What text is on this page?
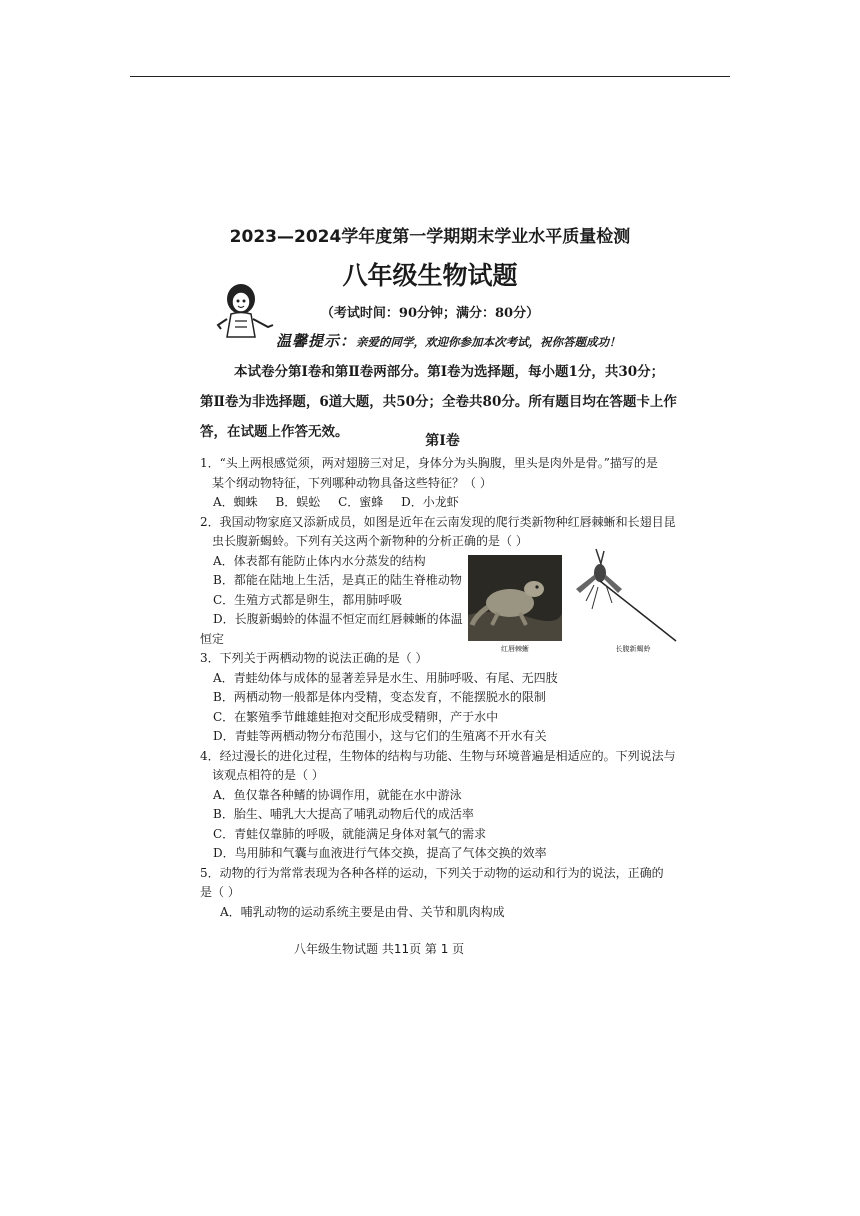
2023—2024学年度第一学期期末学业水平质量检测
八年级生物试题
（考试时间：90分钟；满分：80分）
温馨提示：亲爱的同学，欢迎你参加本次考试，祝你答题成功！
本试卷分第Ⅰ卷和第Ⅱ卷两部分。第Ⅰ卷为选择题，每小题1分，共30分；
第Ⅱ卷为非选择题，6道大题，共50分；全卷共80分。所有题目均在答题卡上作
答，在试题上作答无效。
第Ⅰ卷
1．“头上两根感觉须，两对翅膀三对足，身体分为头胸腹，里头是肉外是骨。”描写的是
某个纲动物特征，下列哪种动物具备这些特征？（ ）
A．蜘蛛 B．蜈蚣 C．蜜蜂 D．小龙虾
2．我国动物家庭又添新成员，如图是近年在云南发现的爬行类新物种红唇棘蜥和长翅目昆
虫长腹新蝎蛉。下列有关这两个新物种的分析正确的是（ ）
A．体表都有能防止体内水分蒸发的结构
B．都能在陆地上生活，是真正的陆生脊椎动物
C．生殖方式都是卵生，都用肺呼吸
D．长腹新蝎蛉的体温不恒定而红唇棘蜥的体温
恒定
3．下列关于两栖动物的说法正确的是（ ）
A．青蛙幼体与成体的显著差异是水生、用肺呼吸、有尾、无四肢
B．两栖动物一般都是体内受精，变态发育，不能摆脱水的限制
C．在繁殖季节雌雄蛙抱对交配形成受精卵，产于水中
D．青蛙等两栖动物分布范围小，这与它们的生殖离不开水有关
4．经过漫长的进化过程，生物体的结构与功能、生物与环境普遍是相适应的。下列说法与
该观点相符的是（ ）
A．鱼仅靠各种鳍的协调作用，就能在水中游泳
B．胎生、哺乳大大提高了哺乳动物后代的成活率
C．青蛙仅靠肺的呼吸，就能满足身体对氧气的需求
D．鸟用肺和气囊与血液进行气体交换，提高了气体交换的效率
5．动物的行为常常表现为各种各样的运动，下列关于动物的运动和行为的说法，正确的
是（ ）
A．哺乳动物的运动系统主要是由骨、关节和肌肉构成
红唇棘蜥	长腹新蝎蛉
八年级生物试题 共11页 第 1 页
